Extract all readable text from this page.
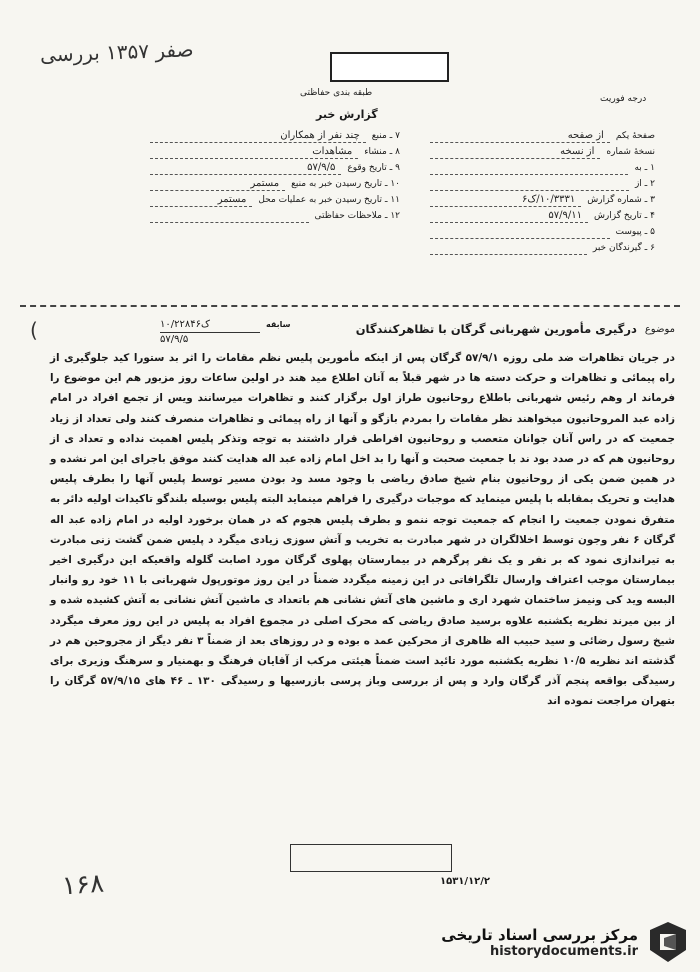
صفر ۱۳۵۷ بررسی
طبقه بندی حفاظتی
گزارش خبر
درجه فوریت
صفحهٔ یکم
از صفحه
نسخهٔ شماره
از نسخه
۱ ـ به
۲ ـ از
۳ ـ شماره گزارش
۱۰/۳۳۳۱/ک۶
۴ ـ تاریخ گزارش
۵۷/۹/۱۱
۵ ـ پیوست
۶ ـ گیرندگان خبر
۷ ـ منبع
چند نفر از همکاران
۸ ـ منشاء
مشاهدات
۹ ـ تاریخ وقوع
۵۷/۹/۵
۱۰ ـ تاریخ رسیدن خبر به منبع
مستمر
۱۱ ـ تاریخ رسیدن خبر به عملیات محل
مستمر
۱۲ ـ ملاحظات حفاظتی
(	سابقه
۱۰/۲۲۸۴ک۶
۵۷/۹/۵
موضوع
درگیری مأمورین شهربانی گرگان با تظاهرکنندگان

در جریان تظاهرات ضد ملی روزه ۵۷/۹/۱ گرگان پس از اینکه مأمورین پلیس نظم مقامات را اثر بد ستورا کید جلوگیری از راه پیمائی و تظاهرات و حرکت دسته ها در شهر قبلاً به آنان اطلاع مید هند در اولین ساعات روز مزبور هم این موضوع را فرماند ار وهم رئیس شهربانی باطلاع روحانیون طراز اول برگزار کنند و تظاهرات میرسانند ویس از تجمع افراد در امام زاده عبد المروحانیون میخواهند نظر مقامات را بمردم بازگو و آنها از راه پیمائی و تظاهرات منصرف کنند ولی تعداد از زیاد جمعیت که در راس آنان جوانان متعصب و روحانیون افراطی قرار داشتند به توجه وتذکر پلیس اهمیت نداده و تعداد ی از روحانیون هم که در صدد بود ند با جمعیت صحبت و آنها را بد اخل امام زاده عبد اله هدایت کنند موفق باجرای این امر نشده و در همین ضمن یکی از روحانیون بنام شیخ صادق ریاضی با وجود مسد ود بودن مسیر توسط پلیس آنها را بطرف پلیس هدایت و تحریک بمقابله با پلیس مینماید که موجبات درگیری را فراهم مینماید البته پلیس بوسیله بلندگو تاکیدات اولیه دائر به متفرق نمودن جمعیت را انجام که جمعیت توجه ننمو و بطرف پلیس هجوم که در همان برخورد اولیه در امام زاده عبد اله گرگان ۶ نفر وجون توسط اخلالگران در شهر مبادرت به تخریب و آتش سوزی زیادی میگرد د پلیس ضمن گشت زنی مبادرت به تیراندازی نمود که بر نفر و یک نفر پرگرهم در بیمارستان پهلوی گرگان مورد اصابت گلوله واقعیکه این درگیری اخیر بیمارستان موجب اعتراف وارسال تلگرافاتی در این زمینه میگردد ضمناً در این روز موتورپول شهربانی با ۱۱ خود رو وانبار البسه وید کی ونیمز ساختمان شهرد اری و ماشین های آتش نشانی هم باتعداد ی ماشین آتش نشانی به آتش کشیده شده و از بین میرند نظریه یکشنبه علاوه برسید صادق ریاضی که محرک اصلی در مجموع افراد به پلیس در این روز معرف میگردد شیخ رسول رضائی و سید حبیب اله ظاهری از محرکین عمد ه بوده و در روزهای بعد از ضمناً ۳ نفر دیگر از مجروحین هم در گذشته اند نظریه ۱۰/۵ نظریه یکشنبه مورد تائید است ضمناً هیئتی مرکب از آقایان فرهنگ و بهمنیار و سرهنگ وزیری برای رسیدگی بواقعه پنجم آذر گرگان وارد و پس از بررسی وباز پرسی بازرسیها و رسیدگی ۱۳۰ ـ ۴۶ های ۵۷/۹/۱۵ گرگان را بتهران مراجعت نموده اند

۱۶۸	۱۵۳۱/۱۲/۲
مرکز بررسی اسناد تاریخی
historydocuments.ir
